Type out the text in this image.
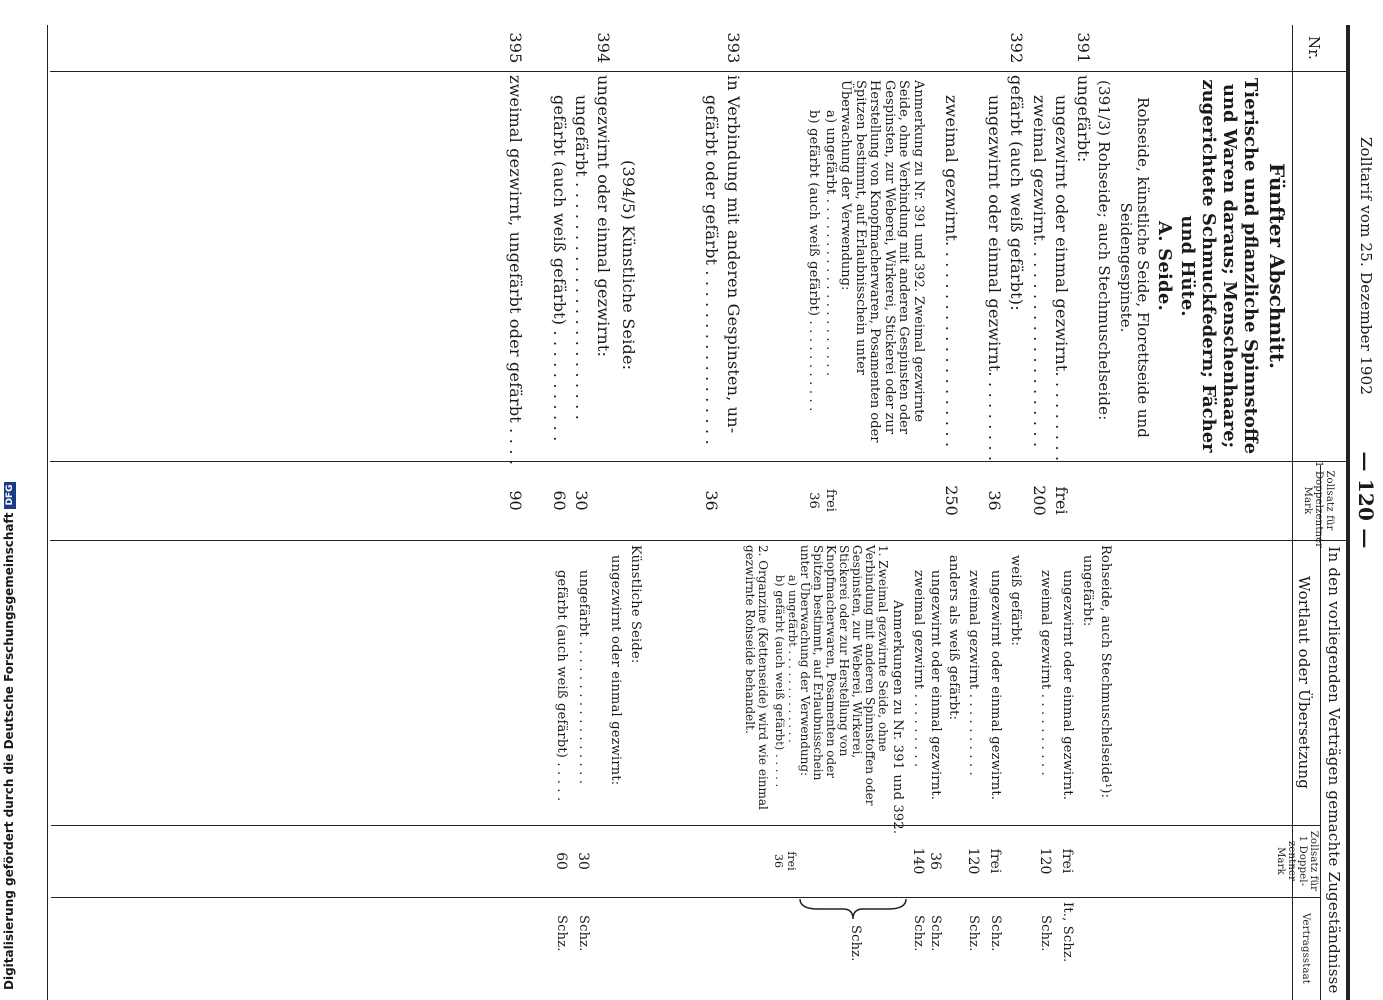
— 120 —
Zolltarif vom 25. Dezember 1902
In den vorliegenden Verträgen gemachte Zugeständnisse
Nr.
Zollsatz für
1 Doppelzentner
Mark
Wortlaut oder Übersetzung
Zollsatz für
1 Doppel-
zentner
Mark
Vertragsstaat
Fünfter Abschnitt.
Tierische und pflanzliche Spinnstoffe und Waren daraus; Menschenhaare; zugerichtete Schmuckfedern; Fächer und Hüte.
A. Seide.
Rohseide, künstliche Seide, Florettseide und Seidengespinste.
(391/3) Rohseide; auch Stechmuschelseide:
391
ungefärbt:
ungezwirnt oder einmal gezwirnt. . . . . . . . .
frei
zweimal gezwirnt. . . . . . . . . . . . . . . . . . . .
200
392
gefärbt (auch weiß gefärbt):
ungezwirnt oder einmal gezwirnt. . . . . . . . .
36
zweimal gezwirnt. . . . . . . . . . . . . . . . . . . .
250
Anmerkung zu Nr. 391 und 392. Zweimal gezwirnte Seide, ohne Verbindung mit anderen Gespinsten oder Gespinsten, zur Weberei, Wirkerei, Stickerei oder zur Herstellung von Knopfmacherwaren, Posamenten oder Spitzen bestimmt, auf Erlaubnisschein unter Überwachung der Verwendung:
a) ungefärbt . . . . . . . . . . . . . . . . . . . . .
frei
b) gefärbt (auch weiß gefärbt) . . . . . . . . . . .
36
393
in Verbindung mit anderen Gespinsten, un-
gefärbt oder gefärbt . . . . . . . . . . . . . . . . .
36
(394/5) Künstliche Seide:
394
ungezwirnt oder einmal gezwirnt:
ungefärbt . . . . . . . . . . . . . . . . . . . . . . .
30
gefärbt (auch weiß gefärbt) . . . . . . . . . . .
60
395
zweimal gezwirnt, ungefärbt oder gefärbt . . . .
90
Rohseide, auch Stechmuschelseide¹):
ungefärbt:
ungezwirnt oder einmal gezwirnt.
frei
It., Schz.
zweimal gezwirnt . . . . . . . . . .
120
Schz.
weiß gefärbt:
ungezwirnt oder einmal gezwirnt.
frei
Schz.
zweimal gezwirnt . . . . . . . . . .
120
Schz.
anders als weiß gefärbt:
ungezwirnt oder einmal gezwirnt.
36
Schz.
zweimal gezwirnt . . . . . . . . .
140
Schz.
Anmerkungen zu Nr. 391 und 392.
1. Zweimal gezwirnte Seide, ohne Verbindung mit anderen Spinnstoffen oder Gespinsten, zur Weberei, Wirkerei, Stickerei oder zur Herstellung von Knopfmacherwaren, Posamenten oder Spitzen bestimmt, auf Erlaubnisschein unter Überwachung der Verwendung:
a) ungefärbt . . . . . . . . . . . . .
frei
b) gefärbt (auch weiß gefärbt) . . . . .
36
Schz.
2. Organzine (Kettenseide) wird wie einmal gezwirnte Rohseide behandelt.
Künstliche Seide:
ungezwirnt oder einmal gezwirnt:
ungefärbt . . . . . . . . . . . . . . . . .
30
Schz.
gefärbt (auch weiß gefärbt) . . . . .
60
Schz.
Digitalisierung gefördert durch die Deutsche ForschungsgemeinschaftDFG
